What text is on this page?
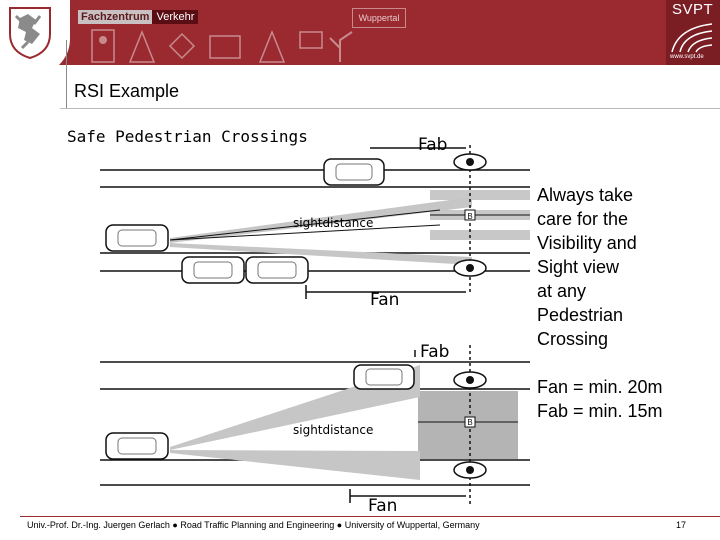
Fachzentrum Verkehr	Wuppertal	SVPT
www.svpt.de
RSI Example
Safe Pedestrian Crossings
B
B
Fab
Fan
sightdistance
Fab
Fan
sightdistance

Always take

care for the

Visibility and

Sight view

at any

Pedestrian

Crossing

Fan = min. 20m
Fab = min. 15m
Univ.-Prof. Dr.-Ing. Juergen Gerlach ● Road Traffic Planning and Engineering ● University of Wuppertal, Germany	17
